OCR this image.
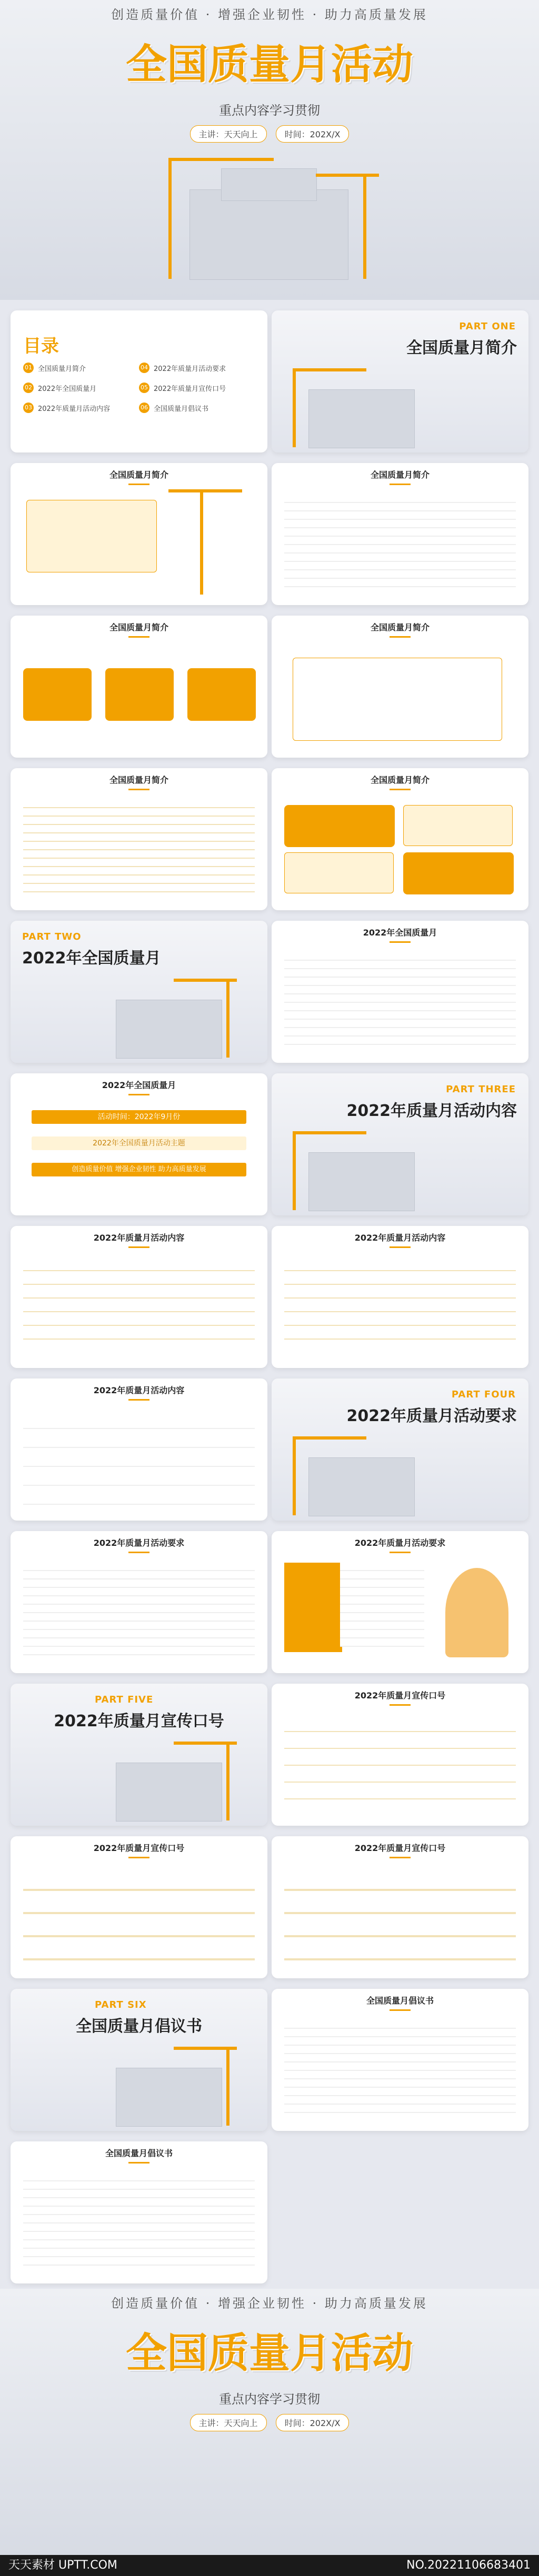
创造质量价值 · 增强企业韧性 · 助力高质量发展
全国质量月活动
重点内容学习贯彻
主讲：天天向上	时间：202X/X
目录
01 全国质量月简介	04 2022年质量月活动要求
02 2022年全国质量月	05 2022年质量月宣传口号
03 2022年质量月活动内容	06 全国质量月倡议书
PART ONE
全国质量月简介
全国质量月简介	全国质量月简介
全国质量月简介	全国质量月简介
全国质量月简介	全国质量月简介
PART TWO
2022年全国质量月
2022年全国质量月
2022年全国质量月
活动时间：2022年9月份
2022年全国质量月活动主题
创造质量价值 增强企业韧性 助力高质量发展
PART THREE
2022年质量月活动内容
2022年质量月活动内容	2022年质量月活动内容
2022年质量月活动内容	PART FOUR
2022年质量月活动要求
2022年质量月活动要求	2022年质量月活动要求
PART FIVE
2022年质量月宣传口号
2022年质量月宣传口号
2022年质量月宣传口号	2022年质量月宣传口号
PART SIX
全国质量月倡议书
全国质量月倡议书
全国质量月倡议书
创造质量价值 · 增强企业韧性 · 助力高质量发展
全国质量月活动
重点内容学习贯彻
主讲：天天向上	时间：202X/X
天天素材 UPTT.COM	NO.20221106683401
